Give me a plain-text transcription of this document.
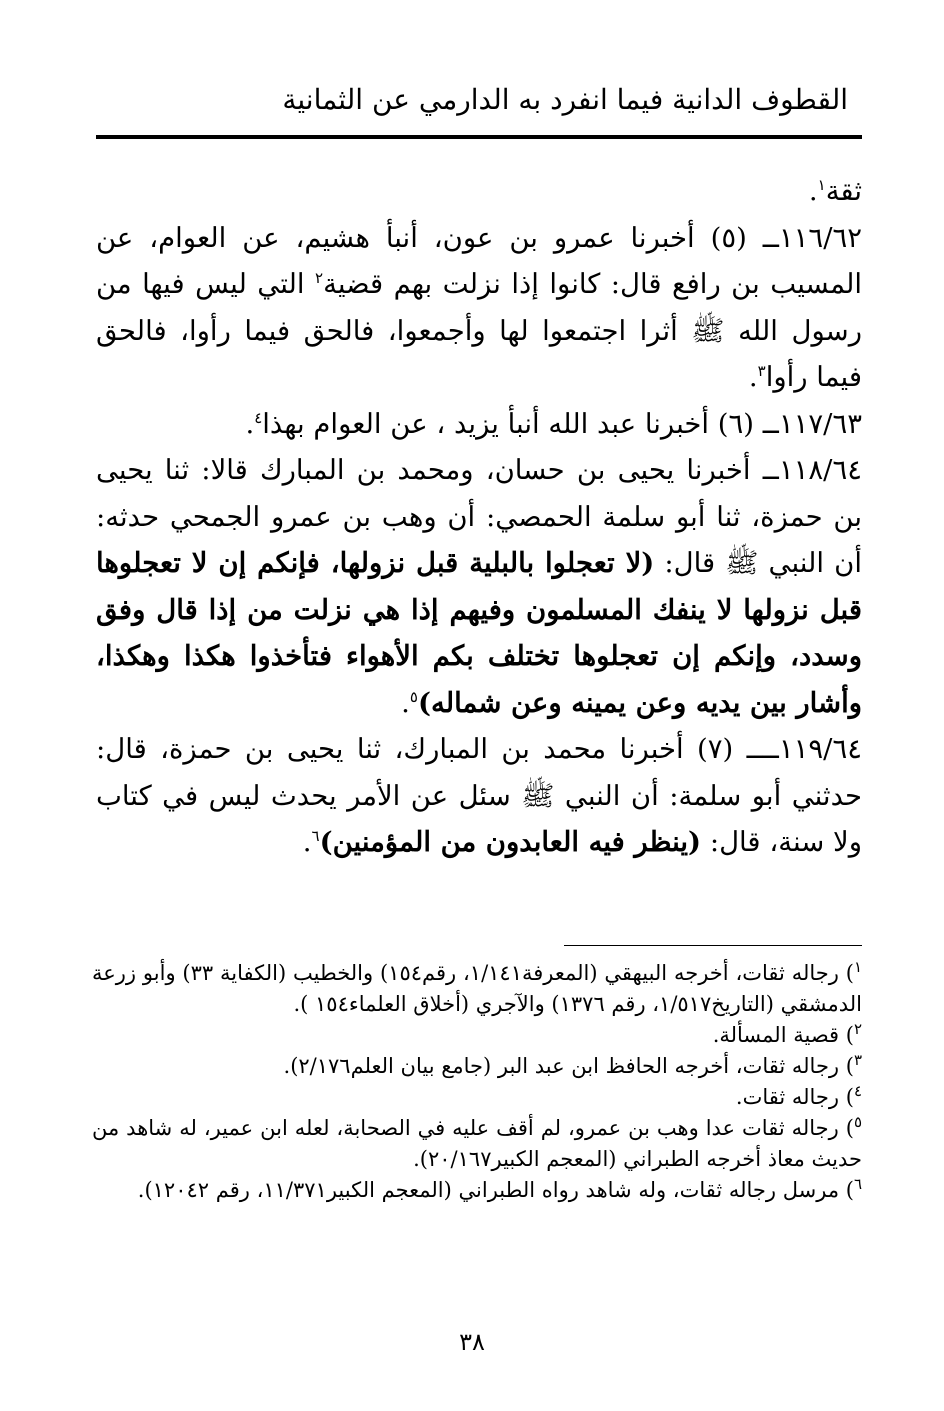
القطوف الدانية فيما انفرد به الدارمي عن الثمانية

ثقة$^١$.

١١٦/٦٢ــ (٥) أخبرنا عمرو بن عون، أنبأ هشيم، عن العوام، عن المسيب بن رافع قال: كانوا إذا نزلت بهم قضية$^٢$ التي ليس فيها من رسول الله ﷺ أثرا اجتمعوا لها وأجمعوا، فالحق فيما رأوا، فالحق فيما رأوا$^٣$.

١١٧/٦٣ــ (٦) أخبرنا عبد الله أنبأ يزيد ، عن العوام بهذا$^٤$.

١١٨/٦٤ــ أخبرنا يحيى بن حسان، ومحمد بن المبارك قالا: ثنا يحيى بن حمزة، ثنا أبو سلمة الحمصي: أن وهب بن عمرو الجمحي حدثه: أن النبي ﷺ قال: (لا تعجلوا بالبلية قبل نزولها، فإنكم إن لا تعجلوها قبل نزولها لا ينفك المسلمون وفيهم إذا هي نزلت من إذا قال وفق وسدد، وإنكم إن تعجلوها تختلف بكم الأهواء فتأخذوا هكذا وهكذا، وأشار بين يديه وعن يمينه وعن شماله)$^٥$.

١١٩/٦٤ــــ (٧) أخبرنا محمد بن المبارك، ثنا يحيى بن حمزة، قال: حدثني أبو سلمة: أن النبي ﷺ سئل عن الأمر يحدث ليس في كتاب ولا سنة، قال: (ينظر فيه العابدون من المؤمنين)$^٦$.

$^١$) رجاله ثقات، أخرجه البيهقي (المعرفة١/١٤١، رقم١٥٤) والخطيب (الكفاية ٣٣) وأبو زرعة الدمشقي (التاريخ١/٥١٧، رقم ١٣٧٦) والآجري (أخلاق العلماء١٥٤ ).

$^٢$) قصية المسألة.

$^٣$) رجاله ثقات، أخرجه الحافظ ابن عبد البر (جامع بيان العلم٢/١٧٦).

$^٤$) رجاله ثقات.

$^٥$) رجاله ثقات عدا وهب بن عمرو، لم أقف عليه في الصحابة، لعله ابن عمير، له شاهد من حديث معاذ أخرجه الطبراني (المعجم الكبير٢٠/١٦٧).

$^٦$) مرسل رجاله ثقات، وله شاهد رواه الطبراني (المعجم الكبير١١/٣٧١، رقم ١٢٠٤٢).

٣٨
